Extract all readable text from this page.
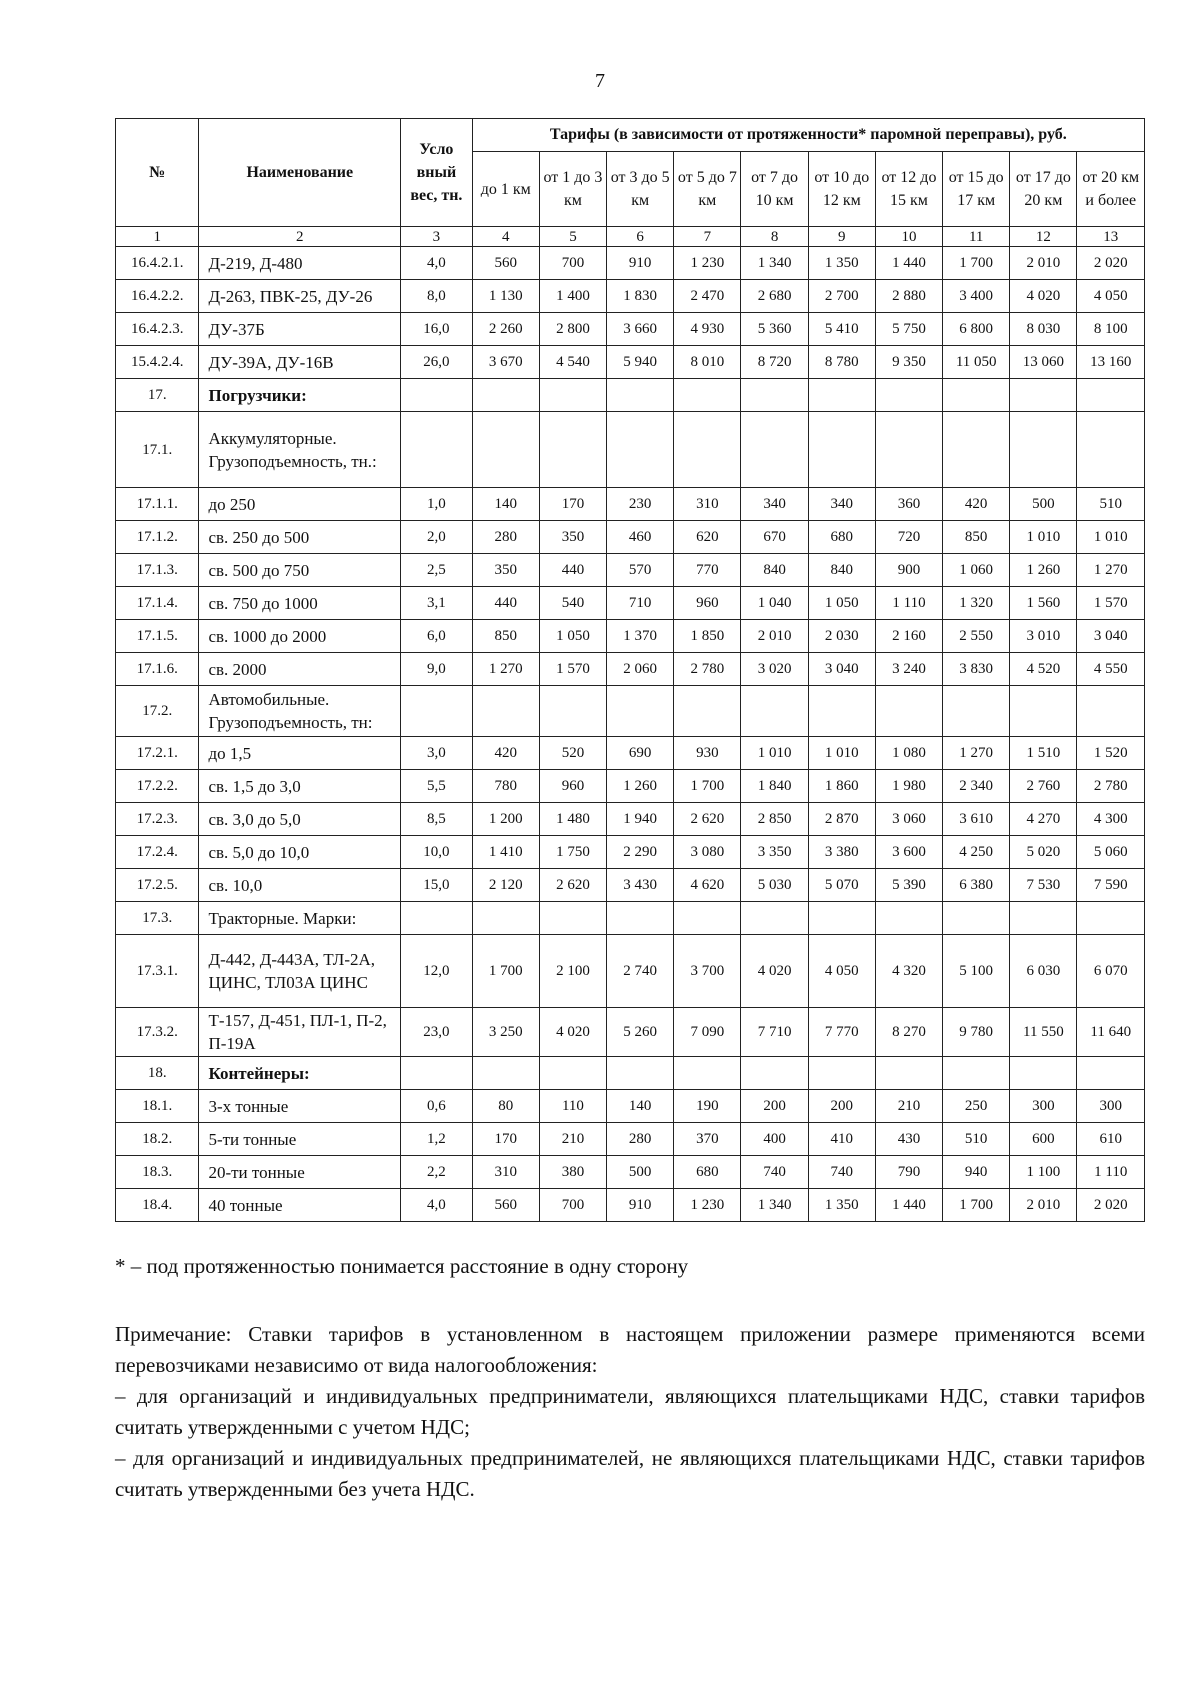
7
№	Наименование	Усло вный вес, тн.	Тарифы (в зависимости от протяженности* паромной переправы), руб.									
			до 1 км	от 1 до 3 км	от 3 до 5 км	от 5 до 7 км	от 7 до 10 км	от 10 до 12 км	от 12 до 15 км	от 15 до 17 км	от 17 до 20 км	от 20 км и более
1	2	3	4	5	6	7	8	9	10	11	12	13
16.4.2.1.	Д-219, Д-480	4,0	560	700	910	1 230	1 340	1 350	1 440	1 700	2 010	2 020
16.4.2.2.	Д-263, ПВК-25, ДУ-26	8,0	1 130	1 400	1 830	2 470	2 680	2 700	2 880	3 400	4 020	4 050
16.4.2.3.	ДУ-37Б	16,0	2 260	2 800	3 660	4 930	5 360	5 410	5 750	6 800	8 030	8 100
15.4.2.4.	ДУ-39А, ДУ-16В	26,0	3 670	4 540	5 940	8 010	8 720	8 780	9 350	11 050	13 060	13 160
17.	Погрузчики:											
17.1.	Аккумуляторные. Грузоподъемность, тн.:											
17.1.1.	до 250	1,0	140	170	230	310	340	340	360	420	500	510
17.1.2.	св. 250 до 500	2,0	280	350	460	620	670	680	720	850	1 010	1 010
17.1.3.	св. 500 до 750	2,5	350	440	570	770	840	840	900	1 060	1 260	1 270
17.1.4.	св. 750 до 1000	3,1	440	540	710	960	1 040	1 050	1 110	1 320	1 560	1 570
17.1.5.	св. 1000 до 2000	6,0	850	1 050	1 370	1 850	2 010	2 030	2 160	2 550	3 010	3 040
17.1.6.	св. 2000	9,0	1 270	1 570	2 060	2 780	3 020	3 040	3 240	3 830	4 520	4 550
17.2.	Автомобильные. Грузоподъемность, тн:											
17.2.1.	до 1,5	3,0	420	520	690	930	1 010	1 010	1 080	1 270	1 510	1 520
17.2.2.	св. 1,5 до 3,0	5,5	780	960	1 260	1 700	1 840	1 860	1 980	2 340	2 760	2 780
17.2.3.	св. 3,0 до 5,0	8,5	1 200	1 480	1 940	2 620	2 850	2 870	3 060	3 610	4 270	4 300
17.2.4.	св. 5,0 до 10,0	10,0	1 410	1 750	2 290	3 080	3 350	3 380	3 600	4 250	5 020	5 060
17.2.5.	св. 10,0	15,0	2 120	2 620	3 430	4 620	5 030	5 070	5 390	6 380	7 530	7 590
17.3.	Тракторные. Марки:											
17.3.1.	Д-442, Д-443А, ТЛ-2А, ЦИНС, ТЛ03А ЦИНС	12,0	1 700	2 100	2 740	3 700	4 020	4 050	4 320	5 100	6 030	6 070
17.3.2.	Т-157, Д-451, ПЛ-1, П-2, П-19А	23,0	3 250	4 020	5 260	7 090	7 710	7 770	8 270	9 780	11 550	11 640
18.	Контейнеры:											
18.1.	3-х тонные	0,6	80	110	140	190	200	200	210	250	300	300
18.2.	5-ти тонные	1,2	170	210	280	370	400	410	430	510	600	610
18.3.	20-ти тонные	2,2	310	380	500	680	740	740	790	940	1 100	1 110
18.4.	40 тонные	4,0	560	700	910	1 230	1 340	1 350	1 440	1 700	2 010	2 020
* – под протяженностью понимается расстояние в одну сторону

Примечание: Ставки тарифов в установленном в настоящем приложении размере применяются всеми перевозчиками независимо от вида налогообложения:

– для организаций и индивидуальных предприниматели, являющихся плательщиками НДС, ставки тарифов считать утвержденными с учетом НДС;

– для организаций и индивидуальных предпринимателей, не являющихся плательщиками НДС, ставки тарифов считать утвержденными без учета НДС.
